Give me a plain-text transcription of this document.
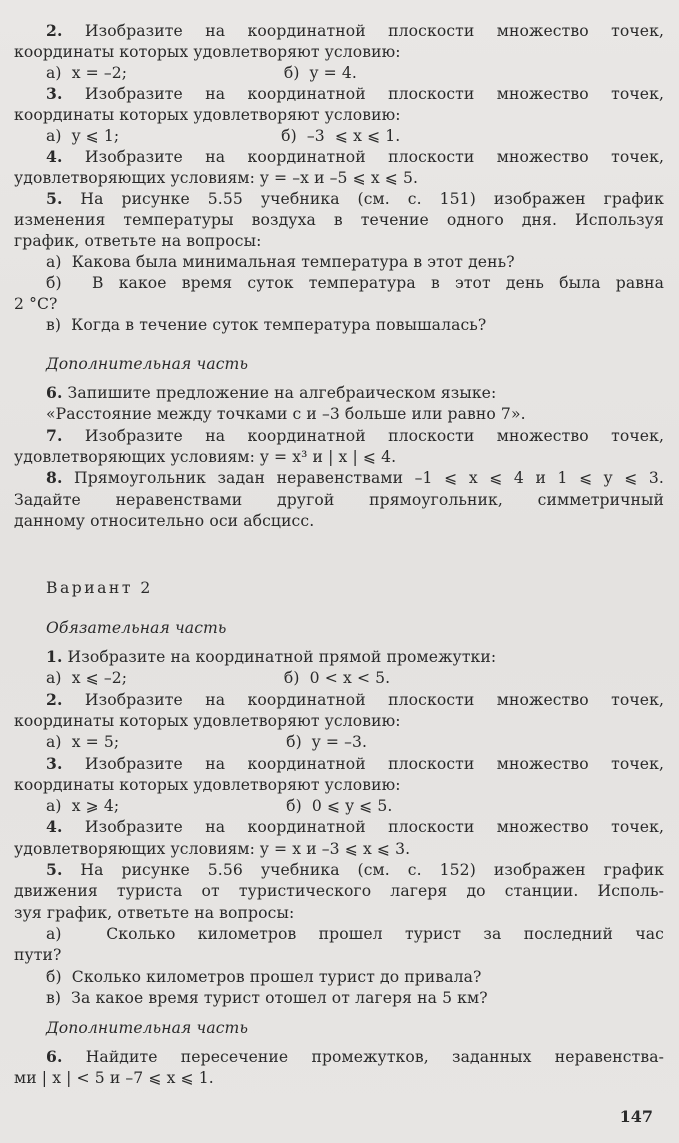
2. Изобразите на координатной плоскости множество точек,
координаты которых удовлетворяют условию:
а)  x = –2;                               б)  y = 4.
3. Изобразите на координатной плоскости множество точек,
координаты которых удовлетворяют условию:
а)  y ⩽ 1;                                б)  –3  ⩽ x ⩽ 1.
4. Изобразите на координатной плоскости множество точек,
удовлетворяющих условиям: y = –x и –5 ⩽ x ⩽ 5.
5. На рисунке 5.55 учебника (см. с. 151) изображен график
изменения температуры воздуха в течение одного дня. Используя
график, ответьте на вопросы:
а)  Какова была минимальная температура в этот день?
б)  В какое время суток температура в этот день была равна
2 °С?
в)  Когда в течение суток температура повышалась?
Дополнительная часть
6. Запишите предложение на алгебраическом языке:
«Расстояние между точками c и –3 больше или равно 7».
7. Изобразите на координатной плоскости множество точек,
удовлетворяющих условиям: y = x³ и | x | ⩽ 4.
8. Прямоугольник задан неравенствами –1 ⩽ x ⩽ 4 и 1 ⩽ y ⩽ 3.
Задайте неравенствами другой прямоугольник, симметричный
данному относительно оси абсцисс.
Вариант 2
Обязательная часть
1. Изобразите на координатной прямой промежутки:
а)  x ⩽ –2;                               б)  0 < x < 5.
2. Изобразите на координатной плоскости множество точек,
координаты которых удовлетворяют условию:
а)  x = 5;                                 б)  y = –3.
3. Изобразите на координатной плоскости множество точек,
координаты которых удовлетворяют условию:
а)  x ⩾ 4;                                 б)  0 ⩽ y ⩽ 5.
4. Изобразите на координатной плоскости множество точек,
удовлетворяющих условиям: y = x и –3 ⩽ x ⩽ 3.
5. На рисунке 5.56 учебника (см. с. 152) изображен график
движения туриста от туристического лагеря до станции. Исполь-
зуя график, ответьте на вопросы:
а)  Сколько километров прошел турист за последний час
пути?
б)  Сколько километров прошел турист до привала?
в)  За какое время турист отошел от лагеря на 5 км?
Дополнительная часть
6. Найдите пересечение промежутков, заданных неравенства-
ми | x | < 5 и –7 ⩽ x ⩽ 1.
147
